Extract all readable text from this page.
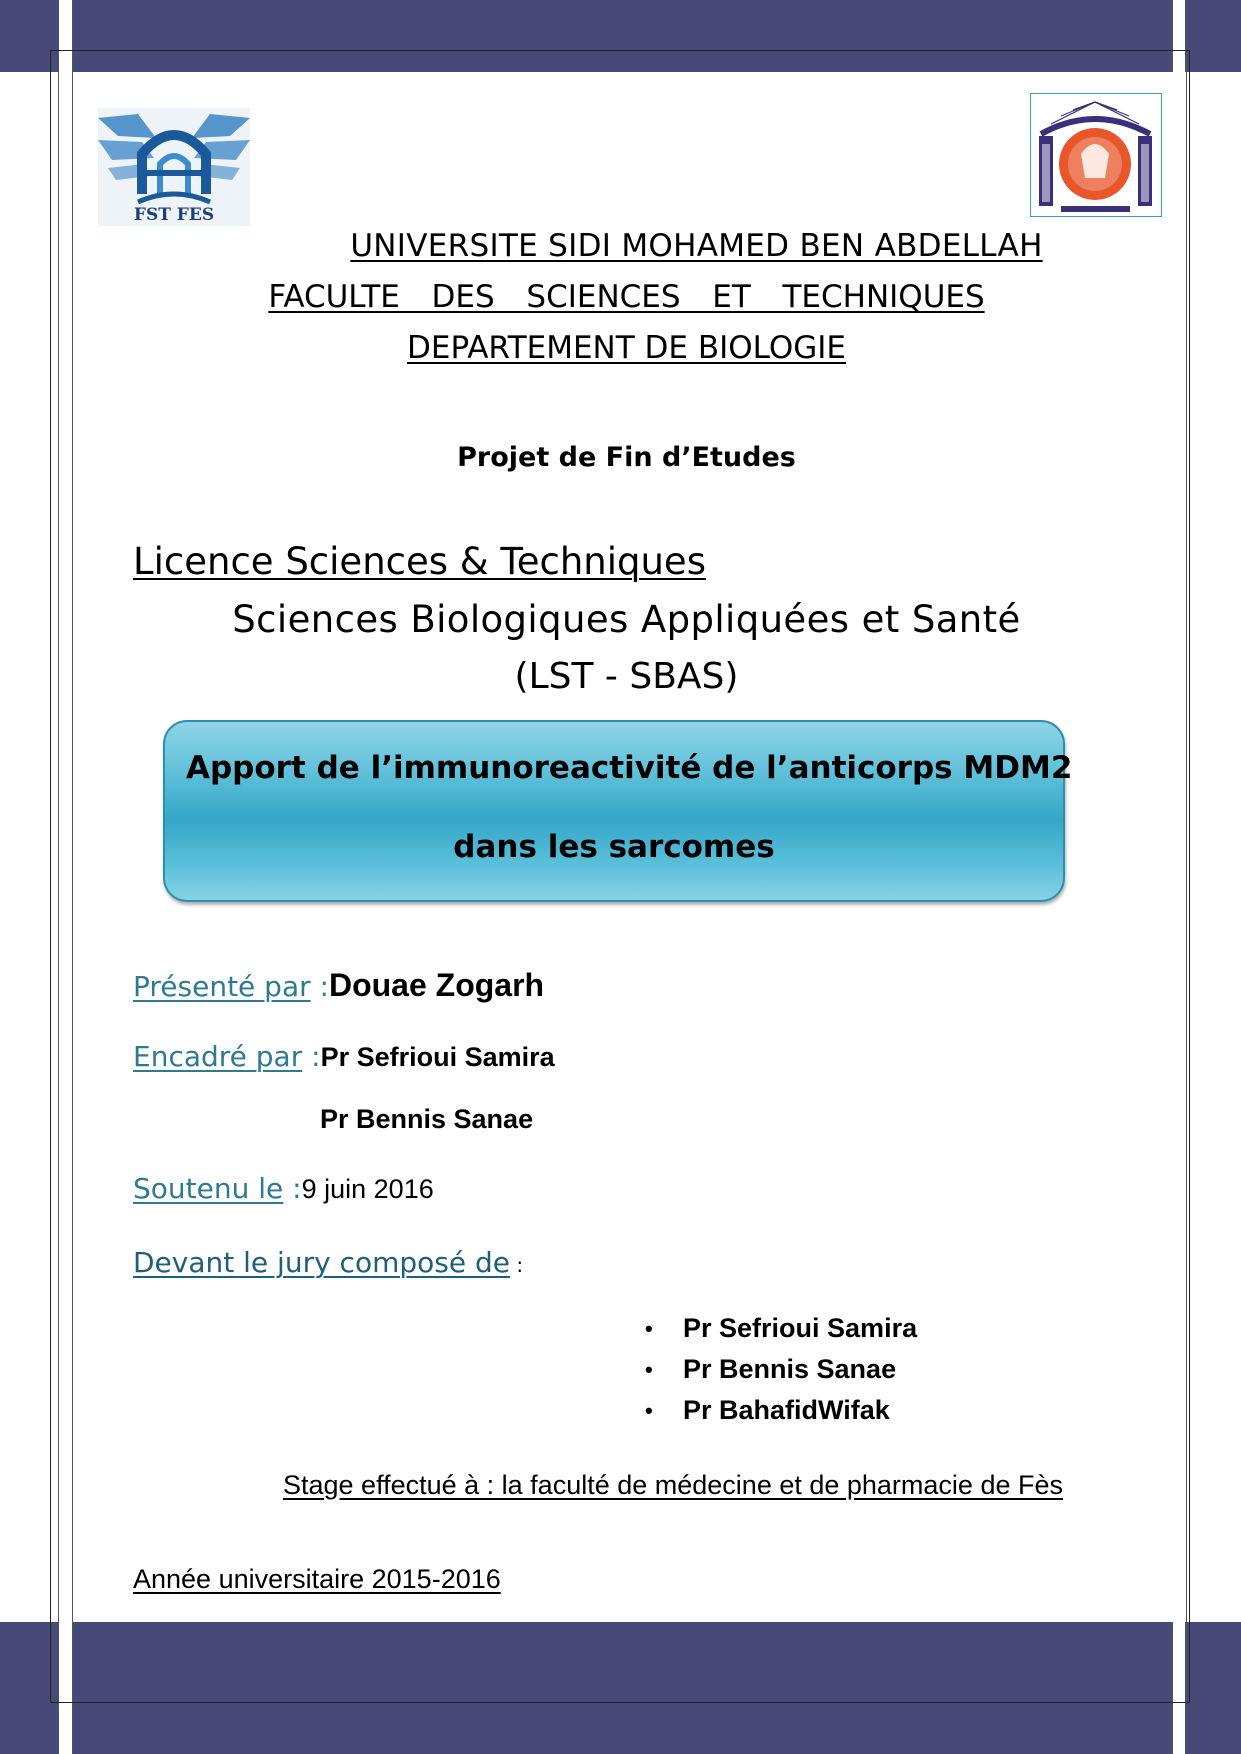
FST FES
UNIVERSITE SIDI MOHAMED BEN ABDELLAH
FACULTE  DES  SCIENCES  ET  TECHNIQUES
DEPARTEMENT DE BIOLOGIE
Projet de Fin d’Etudes
Licence Sciences & Techniques
Sciences Biologiques Appliquées et Santé
(LST - SBAS)
Apport de l’immunoreactivité de l’anticorps MDM2
dans les sarcomes
Présenté par :Douae Zogarh
Encadré par :Pr Sefrioui Samira
Pr Bennis Sanae
Soutenu le :9 juin 2016
Devant le jury composé de :
• Pr Sefrioui Samira
• Pr Bennis Sanae
• Pr BahafidWifak
Stage effectué à : la faculté de médecine et de pharmacie de Fès
Année universitaire 2015-2016
